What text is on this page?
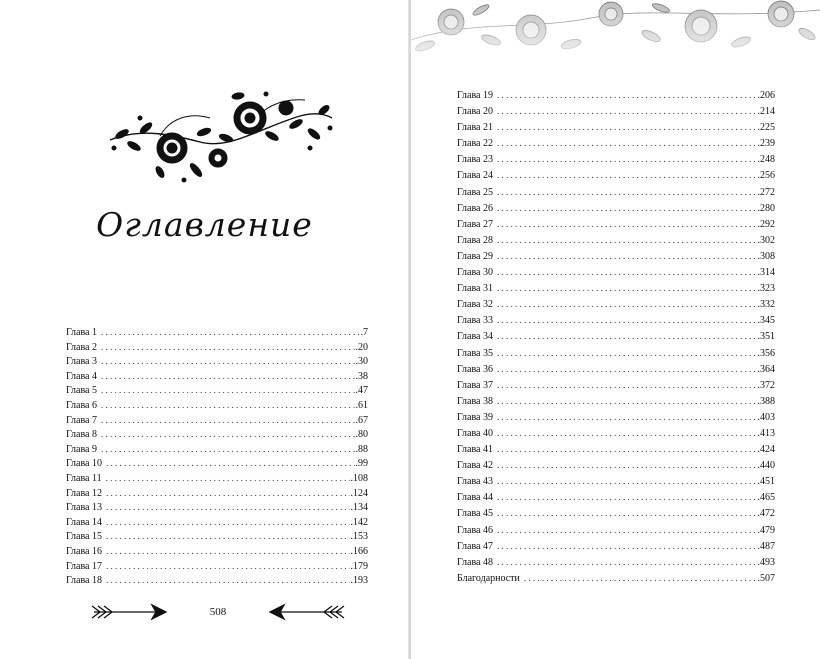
Оглавление
Глава 1 . . .	.7
Глава 2 . . .	.20
Глава 3 . . .	.30
Глава 4 . . .	.38
Глава 5 . . .	.47
Глава 6 . . .	.61
Глава 7 . . .	.67
Глава 8 . . .	.80
Глава 9 . . .	.88
Глава 10 . . .	.99
Глава 11 . . .	.108
Глава 12 . . .	.124
Глава 13 . . .	.134
Глава 14 . . .	.142
Глава 15 . . .	.153
Глава 16 . . .	.166
Глава 17 . . .	.179
Глава 18 . . .	.193
508
Глава 19 . . .	.206
Глава 20 . . .	.214
Глава 21 . . .	.225
Глава 22 . . .	.239
Глава 23 . . .	.248
Глава 24 . . .	.256
Глава 25 . . .	.272
Глава 26 . . .	.280
Глава 27 . . .	.292
Глава 28 . . .	.302
Глава 29 . . .	.308
Глава 30 . . .	.314
Глава 31 . . .	.323
Глава 32 . . .	.332
Глава 33 . . .	.345
Глава 34 . . .	.351
Глава 35 . . .	.356
Глава 36 . . .	.364
Глава 37 . . .	.372
Глава 38 . . .	.388
Глава 39 . . .	.403
Глава 40 . . .	.413
Глава 41 . . .	.424
Глава 42 . . .	.440
Глава 43 . . .	.451
Глава 44 . . .	.465
Глава 45 . . .	.472
Глава 46 . . .	.479
Глава 47 . . .	.487
Глава 48 . . .	.493
Благодарности . . .	.507
